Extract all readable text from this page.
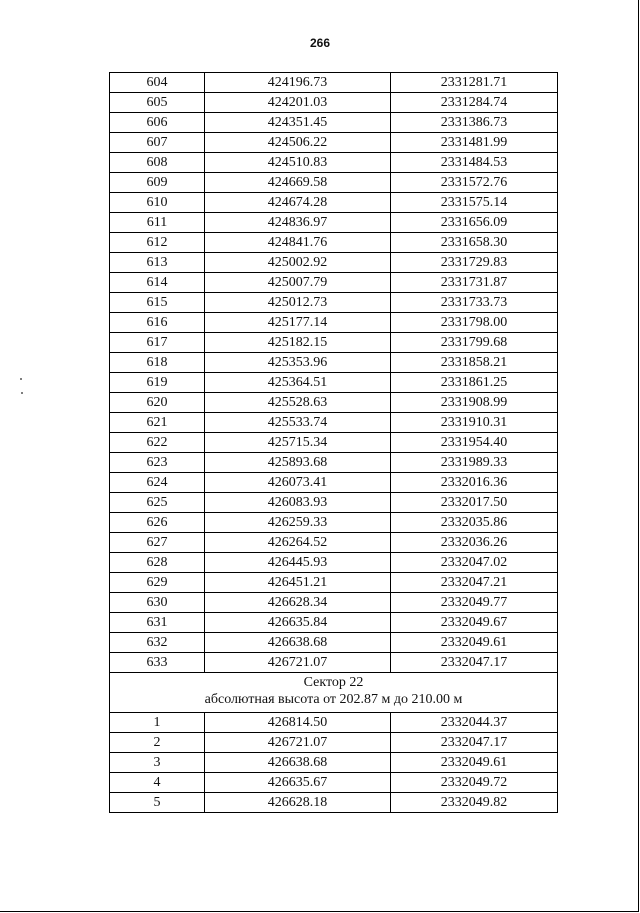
266
604	424196.73	2331281.71
605	424201.03	2331284.74
606	424351.45	2331386.73
607	424506.22	2331481.99
608	424510.83	2331484.53
609	424669.58	2331572.76
610	424674.28	2331575.14
611	424836.97	2331656.09
612	424841.76	2331658.30
613	425002.92	2331729.83
614	425007.79	2331731.87
615	425012.73	2331733.73
616	425177.14	2331798.00
617	425182.15	2331799.68
618	425353.96	2331858.21
619	425364.51	2331861.25
620	425528.63	2331908.99
621	425533.74	2331910.31
622	425715.34	2331954.40
623	425893.68	2331989.33
624	426073.41	2332016.36
625	426083.93	2332017.50
626	426259.33	2332035.86
627	426264.52	2332036.26
628	426445.93	2332047.02
629	426451.21	2332047.21
630	426628.34	2332049.77
631	426635.84	2332049.67
632	426638.68	2332049.61
633	426721.07	2332047.17

Сектор 22
абсолютная высота от 202.87 м до 210.00 м		

1	426814.50	2332044.37
2	426721.07	2332047.17
3	426638.68	2332049.61
4	426635.67	2332049.72
5	426628.18	2332049.82
